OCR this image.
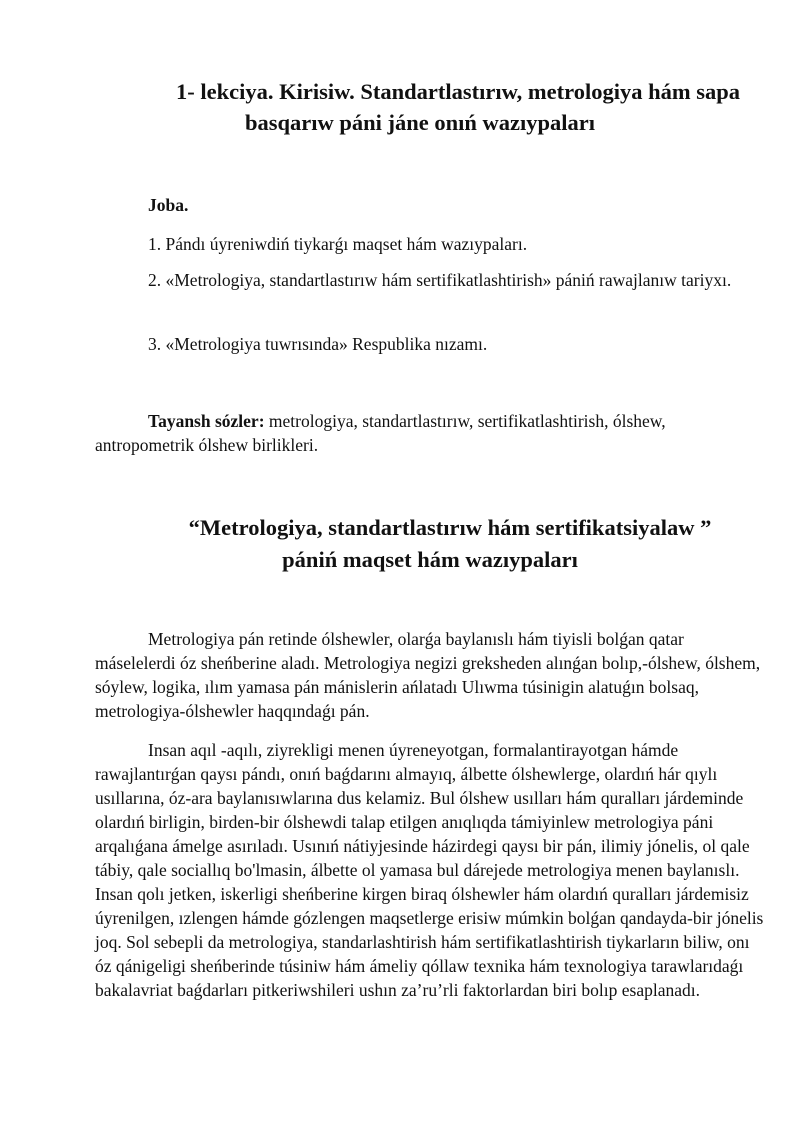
1- lekciya. Kirisiw. Standartlastırıw, metrologiya hám sapa
basqarıw páni jáne onıń wazıypaları

Joba.

1. Pándı úyreniwdiń tiykarǵı maqset hám wazıypaları.

2. «Metrologiya, standartlastırıw hám sertifikatlashtirish» pániń rawajlanıw tariyxı.

3. «Metrologiya tuwrısında» Respublika nızamı.

Tayansh sózler: metrologiya, standartlastırıw, sertifikatlashtirish, ólshew, antropometrik ólshew birlikleri.

“Metrologiya, standartlastırıw hám sertifikatsiyalaw ”
pániń maqset hám wazıypaları

Metrologiya pán retinde ólshewler, olarǵa baylanıslı hám tiyisli bolǵan qatar máselelerdi óz sheńberine aladı. Metrologiya negizi greksheden alınǵan bolıp,-ólshew, ólshem, sóylew, logika, ılım yamasa pán mánislerin ańlatadı Ulıwma túsinigin alatuǵın bolsaq, metrologiya-ólshewler haqqındaǵı pán.

Insan aqıl -aqılı, ziyrekligi menen úyreneyotgan, formalantirayotgan hámde rawajlantırǵan qaysı pándı, onıń baǵdarını almayıq, álbette ólshewlerge, olardıń hár qıylı usıllarına, óz-ara baylanısıwlarına dus kelamiz. Bul ólshew usılları hám quralları járdeminde olardıń birligin, birden-bir ólshewdi talap etilgen anıqlıqda támiyinlew metrologiya páni arqalıǵana ámelge asırıladı. Usınıń nátiyjesinde házirdegi qaysı bir pán, ilimiy jónelis, ol qale tábiy, qale sociallıq bo'lmasin, álbette ol yamasa bul dárejede metrologiya menen baylanıslı. Insan qolı jetken, iskerligi sheńberine kirgen biraq ólshewler hám olardıń quralları járdemisiz úyrenilgen, ızlengen hámde gózlengen maqsetlerge erisiw múmkin bolǵan qandayda-bir jónelis joq. Sol sebepli da metrologiya, standarlashtirish hám sertifikatlashtirish tiykarların biliw, onı óz qánigeligi sheńberinde túsiniw hám ámeliy qóllaw texnika hám texnologiya tarawlarıdaǵı bakalavriat baǵdarları pitkeriwshileri ushın za’ru’rli faktorlardan biri bolıp esaplanadı.
